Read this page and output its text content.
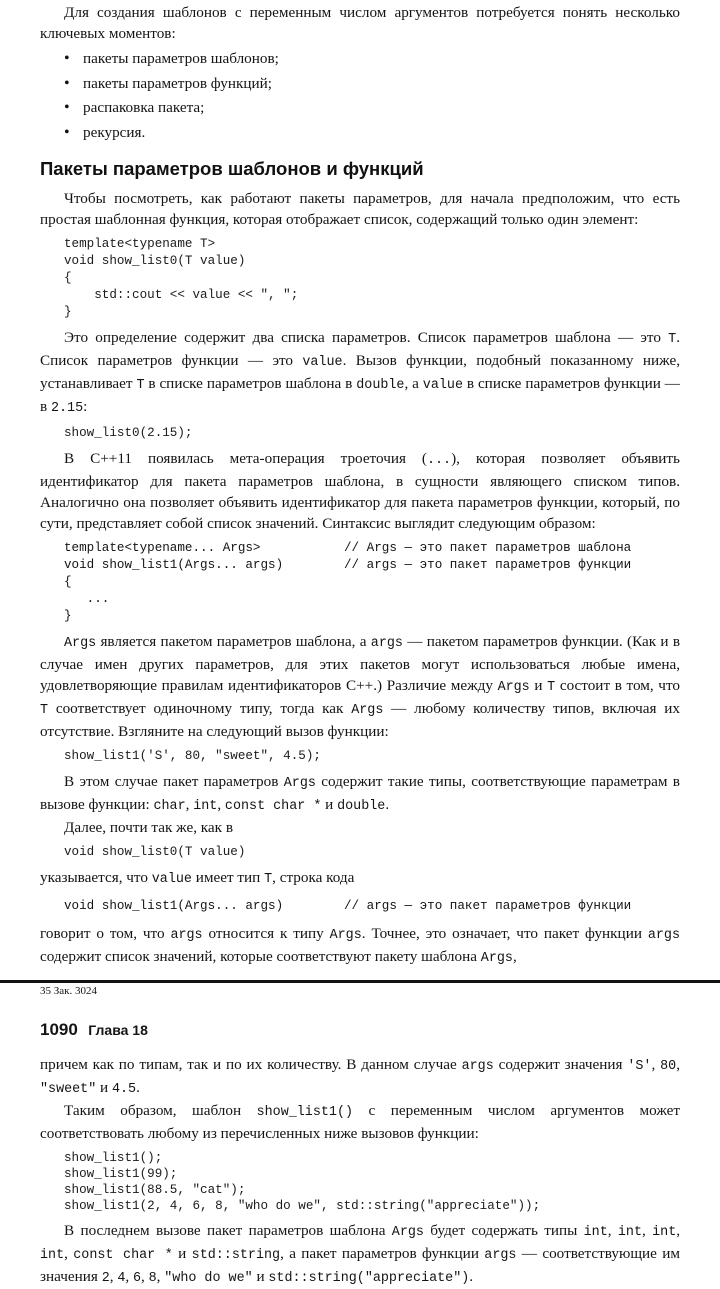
Для создания шаблонов с переменным числом аргументов потребуется понять несколько ключевых моментов:

• пакеты параметров шаблонов;
• пакеты параметров функций;
• распаковка пакета;
• рекурсия.
Пакеты параметров шаблонов и функций

Чтобы посмотреть, как работают пакеты параметров, для начала предположим, что есть простая шаблонная функция, которая отображает список, содержащий только один элемент:

template<typename T>
void show_list0(T value)
{
std::cout << value << ", ";
}

Это определение содержит два списка параметров. Список параметров шаблона — это T. Список параметров функции — это value. Вызов функции, подобный показанному ниже, устанавливает T в списке параметров шаблона в double, а value в списке параметров функции — в 2.15:

show_list0(2.15);

В C++11 появилась мета-операция троеточия (...), которая позволяет объявить идентификатор для пакета параметров шаблона, в сущности являющего списком типов. Аналогично она позволяет объявить идентификатор для пакета параметров функции, который, по сути, представляет собой список значений. Синтаксис выглядит следующим образом:

template<typename... Args>	// Args — это пакет параметров шаблона
void show_list1(Args... args)	// args — это пакет параметров функции
{
...
}

Args является пакетом параметров шаблона, а args — пакетом параметров функции. (Как и в случае имен других параметров, для этих пакетов могут использоваться любые имена, удовлетворяющие правилам идентификаторов C++.) Различие между Args и T состоит в том, что T соответствует одиночному типу, тогда как Args — любому количеству типов, включая их отсутствие. Взгляните на следующий вызов функции:

show_list1('S', 80, "sweet", 4.5);

В этом случае пакет параметров Args содержит такие типы, соответствующие параметрам в вызове функции: char, int, const char * и double.

Далее, почти так же, как в

void show_list0(T value)

указывается, что value имеет тип T, строка кода

void show_list1(Args... args)	// args — это пакет параметров функции

говорит о том, что args относится к типу Args. Точнее, это означает, что пакет функции args содержит список значений, которые соответствуют пакету шаблона Args,

35 Зак. 3024
1090 Глава 18

причем как по типам, так и по их количеству. В данном случае args содержит значения 'S', 80, "sweet" и 4.5.

Таким образом, шаблон show_list1() с переменным числом аргументов может соответствовать любому из перечисленных ниже вызовов функции:

show_list1();
show_list1(99);
show_list1(88.5, "cat");
show_list1(2, 4, 6, 8, "who do we", std::string("appreciate"));

В последнем вызове пакет параметров шаблона Args будет содержать типы int, int, int, int, const char * и std::string, а пакет параметров функции args — соответствующие им значения 2, 4, 6, 8, "who do we" и std::string("appreciate").
